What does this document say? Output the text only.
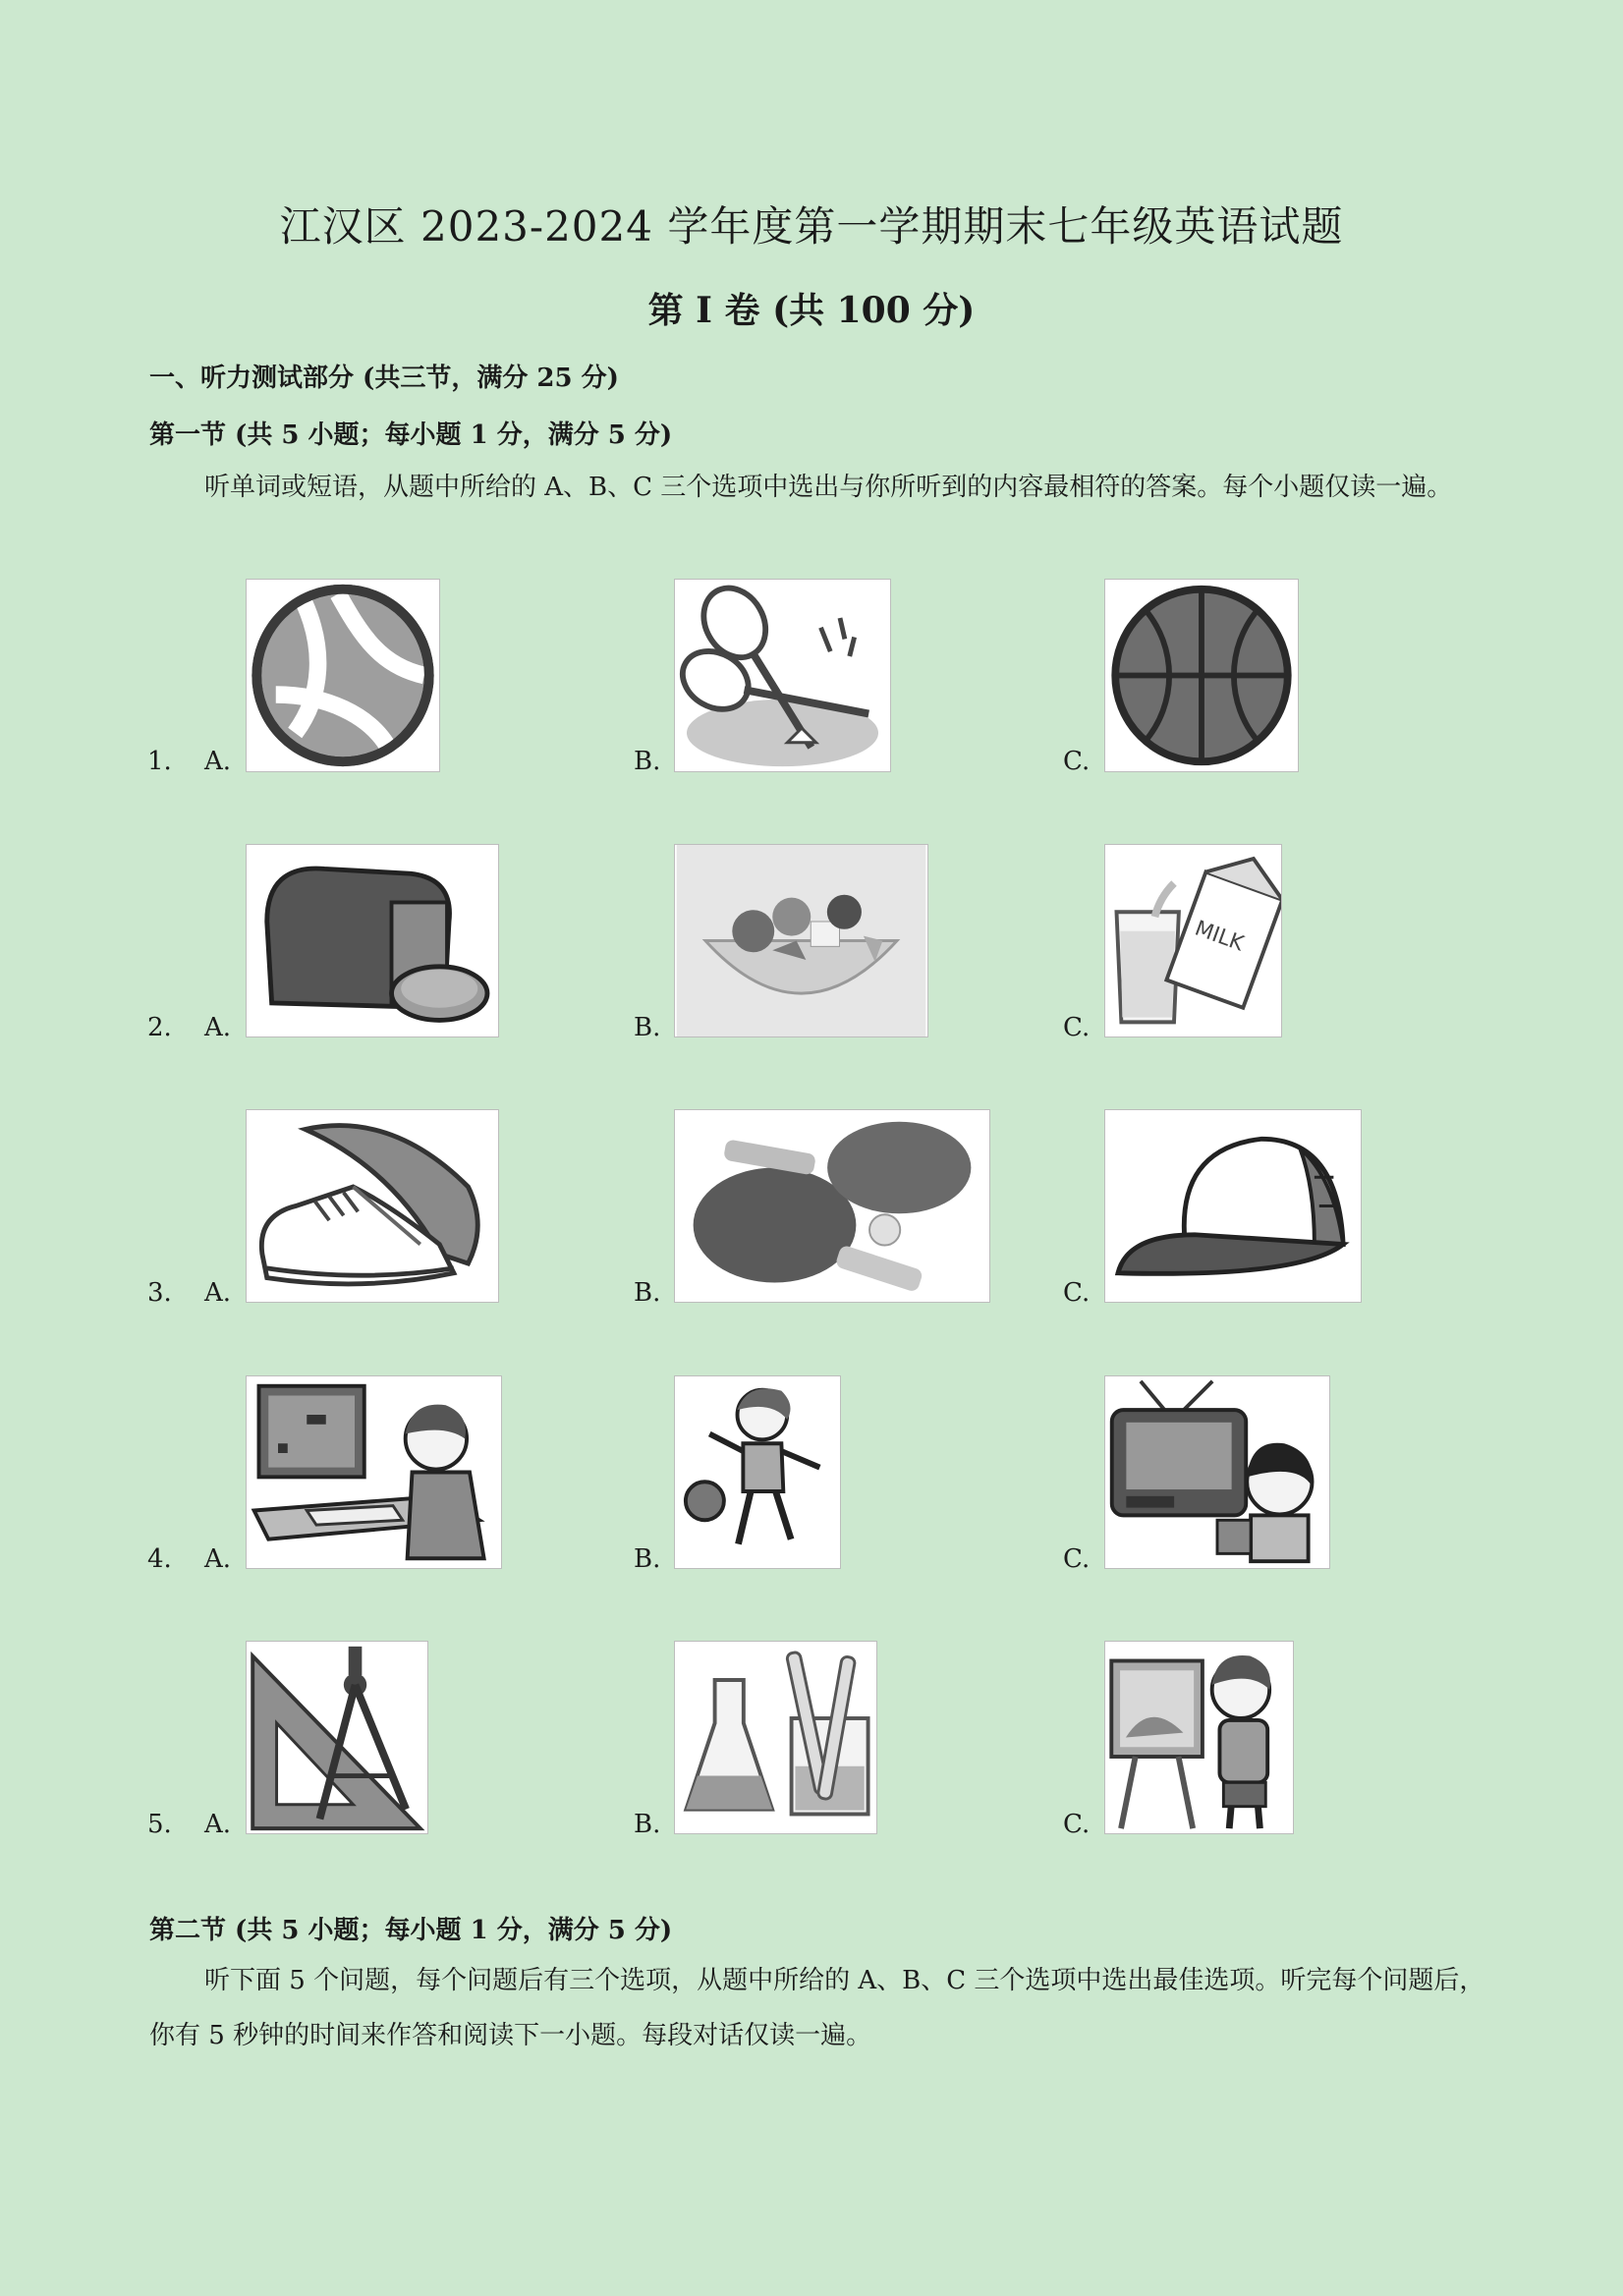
江汉区 2023-2024 学年度第一学期期末七年级英语试题
第 I 卷 (共 100 分)
一、听力测试部分 (共三节，满分 25 分)
第一节 (共 5 小题；每小题 1 分，满分 5 分)
听单词或短语，从题中所给的 A、B、C 三个选项中选出与你所听到的内容最相符的答案。每个小题仅读一遍。
1. A.	B.	C.
2. A.	B.	C.
MILK
3. A.	B.	C.
4. A.	B.	C.
5. A.	B.	C.
第二节 (共 5 小题；每小题 1 分，满分 5 分)
听下面 5 个问题，每个问题后有三个选项，从题中所给的 A、B、C 三个选项中选出最佳选项。听完每个问题后，你有 5 秒钟的时间来作答和阅读下一小题。每段对话仅读一遍。
